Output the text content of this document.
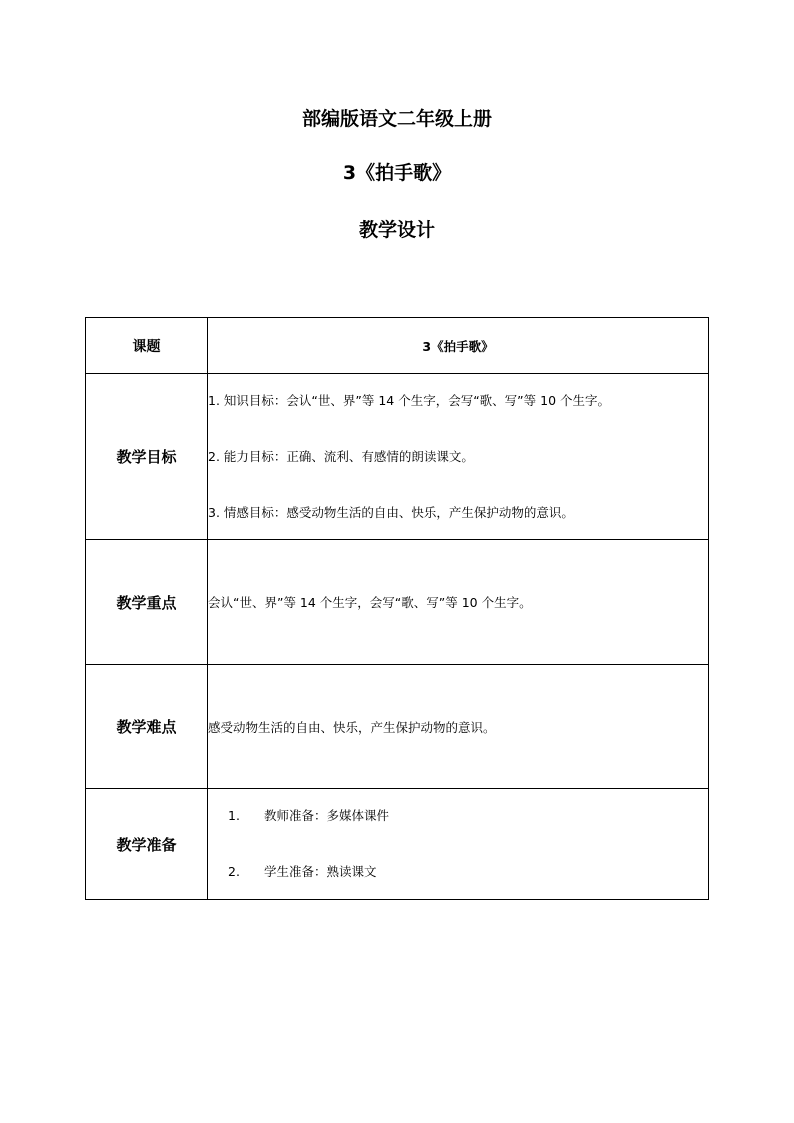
部编版语文二年级上册
3《拍手歌》
教学设计
课题	3《拍手歌》
教学目标	1. 知识目标：会认“世、界”等 14 个生字，会写“歌、写”等 10 个生字。
2. 能力目标：正确、流利、有感情的朗读课文。
3. 情感目标：感受动物生活的自由、快乐，产生保护动物的意识。

教学重点	会认“世、界”等 14 个生字，会写“歌、写”等 10 个生字。
教学难点	感受动物生活的自由、快乐，产生保护动物的意识。
教学准备	1. 教师准备：多媒体课件
2. 学生准备：熟读课文
